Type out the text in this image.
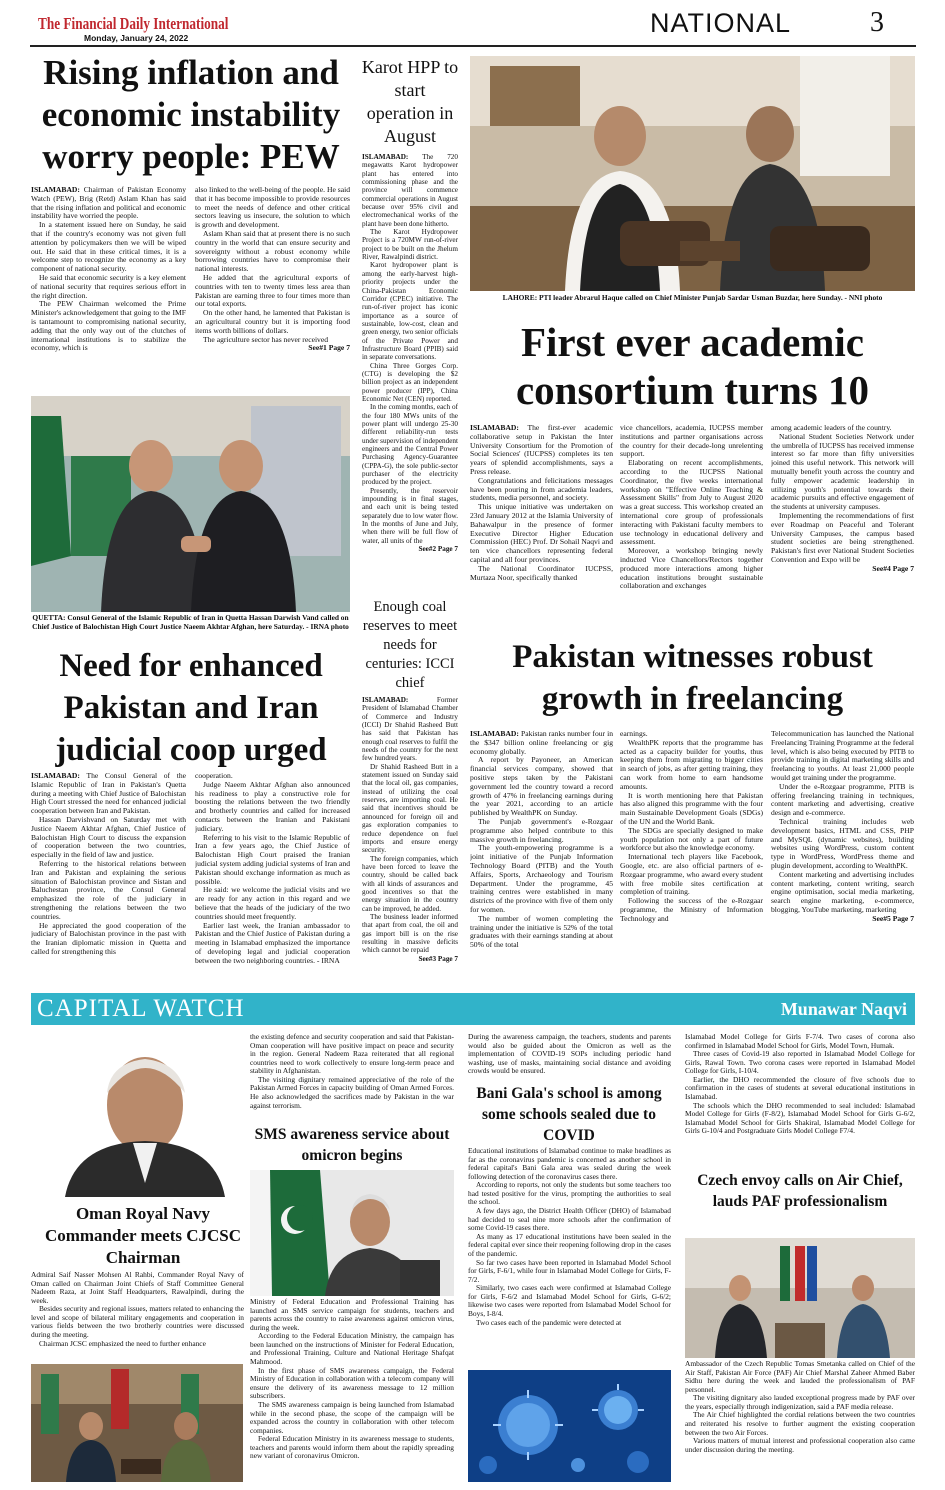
The Financial Daily International
Monday, January 24, 2022	NATIONAL	3
Rising inflation and economic instability worry people: PEW

ISLAMABAD: Chairman of Pakistan Economy Watch (PEW), Brig (Retd) Aslam Khan has said that the rising inflation and political and economic instability have worried the people.

In a statement issued here on Sunday, he said that if the country's economy was not given full attention by policymakers then we will be wiped out. He said that in these critical times, it is a welcome step to recognize the economy as a key component of national security.

He said that economic security is a key element of national security that requires serious effort in the right direction.

The PEW Chairman welcomed the Prime Minister's acknowledgement that going to the IMF is tantamount to compromising national security, adding that the only way out of the clutches of international institutions is to stabilize the economy, which is

also linked to the well-being of the people. He said that it has become impossible to provide resources to meet the needs of defence and other critical sectors leaving us insecure, the solution to which is growth and development.

Aslam Khan said that at present there is no such country in the world that can ensure security and sovereignty without a robust economy while borrowing countries have to compromise their national interests.

He added that the agricultural exports of countries with ten to twenty times less area than Pakistan are earning three to four times more than our total exports.

On the other hand, he lamented that Pakistan is an agricultural country but it is importing food items worth billions of dollars.

The agriculture sector has never received

See#1 Page 7
Karot HPP to start operation in August

ISLAMABAD: The 720 megawatts Karot hydropower plant has entered into commissioning phase and the province will commence commercial operations in August because over 95% civil and electromechanical works of the plant have been done hitherto.

The Karot Hydropower Project is a 720MW run-of-river project to be built on the Jhelum River, Rawalpindi district.

Karot hydropower plant is among the early-harvest high-priority projects under the China-Pakistan Economic Corridor (CPEC) initiative. The run-of-river project has iconic importance as a source of sustainable, low-cost, clean and green energy, two senior officials of the Private Power and Infrastructure Board (PPIB) said in separate conversations.

China Three Gorges Corp. (CTG) is developing the $2 billion project as an independent power producer (IPP), China Economic Net (CEN) reported.

In the coming months, each of the four 180 MWs units of the power plant will undergo 25-30 different reliability-run tests under supervision of independent engineers and the Central Power Purchasing Agency-Guarantee (CPPA-G), the sole public-sector purchaser of the electricity produced by the project.

Presently, the reservoir impounding is in final stages, and each unit is being tested separately due to low water flow. In the months of June and July, when there will be full flow of water, all units of the

See#2 Page 7
LAHORE: PTI leader Abrarul Haque called on Chief Minister Punjab Sardar Usman Buzdar, here Sunday. - NNI photo
QUETTA: Consul General of the Islamic Republic of Iran in Quetta Hassan Darwish Vand called on Chief Justice of Balochistan High Court Justice Naeem Akhtar Afghan, here Saturday. - IRNA photo
First ever academic consortium turns 10

ISLAMABAD: The first-ever academic collaborative setup in Pakistan the Inter University Consortium for the Promotion of Social Sciences' (IUCPSS) completes its ten years of splendid accomplishments, says a Press release.

Congratulations and felicitations messages have been pouring in from academia leaders, students, media personnel, and society.

This unique initiative was undertaken on 23rd January 2012 at the Islamia University of Bahawalpur in the presence of former Executive Director Higher Education Commission (HEC) Prof. Dr Sohail Naqvi and ten vice chancellors representing federal capital and all four provinces.

The National Coordinator IUCPSS, Murtaza Noor, specifically thanked

vice chancellors, academia, IUCPSS member institutions and partner organisations across the country for their decade-long unrelenting support.

Elaborating on recent accomplishments, according to the IUCPSS National Coordinator, the five weeks international workshop on "Effective Online Teaching & Assessment Skills" from July to August 2020 was a great success. This workshop created an international core group of professionals interacting with Pakistani faculty members to use technology in educational delivery and assessment.

Moreover, a workshop bringing newly inducted Vice Chancellors/Rectors together produced more interactions among higher education institutions brought sustainable collaboration and exchanges

among academic leaders of the country.

National Student Societies Network under the umbrella of IUCPSS has received immense interest so far more than fifty universities joined this useful network. This network will mutually benefit youth across the country and fully empower academic leadership in utilizing youth's potential towards their academic pursuits and effective engagement of the students at university campuses.

Implementing the recommendations of first ever Roadmap on Peaceful and Tolerant University Campuses, the campus based student societies are being strengthened. Pakistan's first ever National Student Societies Convention and Expo will be

See#4 Page 7
Enough coal reserves to meet needs for centuries: ICCI chief

ISLAMABAD: Former President of Islamabad Chamber of Commerce and Industry (ICCI) Dr Shahid Rasheed Butt has said that Pakistan has enough coal reserves to fulfil the needs of the country for the next few hundred years.

Dr Shahid Rasheed Butt in a statement issued on Sunday said that the local oil, gas companies, instead of utilizing the coal reserves, are importing coal. He said that incentives should be announced for foreign oil and gas exploration companies to reduce dependence on fuel imports and ensure energy security.

The foreign companies, which have been forced to leave the country, should be called back with all kinds of assurances and good incentives so that the energy situation in the country can be improved, he added.

The business leader informed that apart from coal, the oil and gas import bill is on the rise resulting in massive deficits which cannot be repaid

See#3 Page 7
Need for enhanced Pakistan and Iran judicial coop urged

ISLAMABAD: The Consul General of the Islamic Republic of Iran in Pakistan's Quetta during a meeting with Chief Justice of Balochistan High Court stressed the need for enhanced judicial cooperation between Iran and Pakistan.

Hassan Darvishvand on Saturday met with Justice Naeem Akhtar Afghan, Chief Justice of Balochistan High Court to discuss the expansion of cooperation between the two countries, especially in the field of law and justice.

Referring to the historical relations between Iran and Pakistan and explaining the serious situation of Balochistan province and Sistan and Baluchestan province, the Consul General emphasized the role of the judiciary in strengthening the relations between the two countries.

He appreciated the good cooperation of the judiciary of Balochistan province in the past with the Iranian diplomatic mission in Quetta and called for strengthening this

cooperation.

Judge Naeem Akhtar Afghan also announced his readiness to play a constructive role for boosting the relations between the two friendly and brotherly countries and called for increased contacts between the Iranian and Pakistani judiciary.

Referring to his visit to the Islamic Republic of Iran a few years ago, the Chief Justice of Balochistan High Court praised the Iranian judicial system adding judicial systems of Iran and Pakistan should exchange information as much as possible.

He said: we welcome the judicial visits and we are ready for any action in this regard and we believe that the heads of the judiciary of the two countries should meet frequently.

Earlier last week, the Iranian ambassador to Pakistan and the Chief Justice of Pakistan during a meeting in Islamabad emphasized the importance of developing legal and judicial cooperation between the two neighboring countries. - IRNA

Pakistan witnesses robust growth in freelancing

ISLAMABAD: Pakistan ranks number four in the $347 billion online freelancing or gig economy globally.

A report by Payoneer, an American financial services company, showed that positive steps taken by the Pakistani government led the country toward a record growth of 47% in freelancing earnings during the year 2021, according to an article published by WealthPK on Sunday.

The Punjab government's e-Rozgaar programme also helped contribute to this massive growth in freelancing.

The youth-empowering programme is a joint initiative of the Punjab Information Technology Board (PITB) and the Youth Affairs, Sports, Archaeology and Tourism Department. Under the programme, 45 training centres were established in many districts of the province with five of them only for women.

The number of women completing the training under the initiative is 52% of the total graduates with their earnings standing at about 50% of the total

earnings.

WealthPK reports that the programme has acted as a capacity builder for youths, thus keeping them from migrating to bigger cities in search of jobs, as after getting training, they can work from home to earn handsome amounts.

It is worth mentioning here that Pakistan has also aligned this programme with the four main Sustainable Development Goals (SDGs) of the UN and the World Bank.

The SDGs are specially designed to make youth population not only a part of future workforce but also the knowledge economy.

International tech players like Facebook, Google, etc. are also official partners of e-Rozgaar programme, who award every student with free mobile sites certification at completion of training.

Following the success of the e-Rozgaar programme, the Ministry of Information Technology and

Telecommunication has launched the National Freelancing Training Programme at the federal level, which is also being executed by PITB to provide training in digital marketing skills and freelancing to youths. At least 21,000 people would get training under the programme.

Under the e-Rozgaar programme, PITB is offering freelancing training in techniques, content marketing and advertising, creative design and e-commerce.

Technical training includes web development basics, HTML and CSS, PHP and MySQL (dynamic websites), building websites using WordPress, custom content type in WordPress, WordPress theme and plugin development, according to WealthPK.

Content marketing and advertising includes content marketing, content writing, search engine optimisation, social media marketing, search engine marketing, e-commerce, blogging, YouTube marketing, marketing

See#5 Page 7
CAPITAL WATCH	Munawar Naqvi
Oman Royal Navy Commander meets CJCSC Chairman

Admiral Saif Nasser Mohsen Al Rahbi, Commander Royal Navy of Oman called on Chairman Joint Chiefs of Staff Committee General Nadeem Raza, at Joint Staff Headquarters, Rawalpindi, during the week.

Besides security and regional issues, matters related to enhancing the level and scope of bilateral military engagements and cooperation in various fields between the two brotherly countries were discussed during the meeting.

Chairman JCSC emphasized the need to further enhance

the existing defence and security cooperation and said that Pakistan-Oman cooperation will have positive impact on peace and security in the region. General Nadeem Raza reiterated that all regional countries need to work collectively to ensure long-term peace and stability in Afghanistan.

The visiting dignitary remained appreciative of the role of the Pakistan Armed Forces in capacity building of Oman Armed Forces. He also acknowledged the sacrifices made by Pakistan in the war against terrorism.

SMS awareness service about omicron begins

Ministry of Federal Education and Professional Training has launched an SMS service campaign for students, teachers and parents across the country to raise awareness against omicron virus, during the week.

According to the Federal Education Ministry, the campaign has been launched on the instructions of Minister for Federal Education, and Professional Training, Culture and National Heritage Shafqat Mahmood.

In the first phase of SMS awareness campaign, the Federal Ministry of Education in collaboration with a telecom company will ensure the delivery of its awareness message to 12 million subscribers.

The SMS awareness campaign is being launched from Islamabad while in the second phase, the scope of the campaign will be expanded across the country in collaboration with other telecom companies.

Federal Education Ministry in its awareness message to students, teachers and parents would inform them about the rapidly spreading new variant of coronavirus Omicron.

During the awareness campaign, the teachers, students and parents would also be guided about the Omicron as well as the implementation of COVID-19 SOPs including periodic hand washing, use of masks, maintaining social distance and avoiding crowds would be ensured.
Bani Gala's school is among some schools sealed due to COVID

Educational institutions of Islamabad continue to make headlines as far as the coronavirus pandemic is concerned as another school in federal capital's Bani Gala area was sealed during the week following detection of the coronavirus cases there.

According to reports, not only the students but some teachers too had tested positive for the virus, prompting the authorities to seal the school.

A few days ago, the District Health Officer (DHO) of Islamabad had decided to seal nine more schools after the confirmation of some Covid-19 cases there.

As many as 17 educational institutions have been sealed in the federal capital ever since their reopening following drop in the cases of the pandemic.

So far two cases have been reported in Islamabad Model School for Girls, F-6/1, while four in Islamabad Model College for Girls, F-7/2.

Similarly, two cases each were confirmed at Islamabad College for Girls, F-6/2 and Islamabad Model School for Girls, G-6/2; likewise two cases were reported from Islamabad Model School for Boys, I-8/4.

Two cases each of the pandemic were detected at

Islamabad Model College for Girls F-7/4. Two cases of corona also confirmed in Islamabad Model School for Girls, Model Town, Humak.

Three cases of Covid-19 also reported in Islamabad Model College for Girls, Rawal Town. Two corona cases were reported in Islamabad Model College for Girls, I-10/4.

Earlier, the DHO recommended the closure of five schools due to confirmation in the cases of students at several educational institutions in Islamabad.

The schools which the DHO recommended to seal included: Islamabad Model College for Girls (F-8/2), Islamabad Model School for Girls G-6/2, Islamabad Model School for Girls Shakiral, Islamabad Model College for Girls G-10/4 and Postgraduate Girls Model College F7/4.

Czech envoy calls on Air Chief, lauds PAF professionalism

Ambassador of the Czech Republic Tomas Smetanka called on Chief of the Air Staff, Pakistan Air Force (PAF) Air Chief Marshal Zaheer Ahmed Baber Sidhu here during the week and lauded the professionalism of PAF personnel.

The visiting dignitary also lauded exceptional progress made by PAF over the years, especially through indigenization, said a PAF media release.

The Air Chief highlighted the cordial relations between the two countries and reiterated his resolve to further augment the existing cooperation between the two Air Forces.

Various matters of mutual interest and professional cooperation also came under discussion during the meeting.
